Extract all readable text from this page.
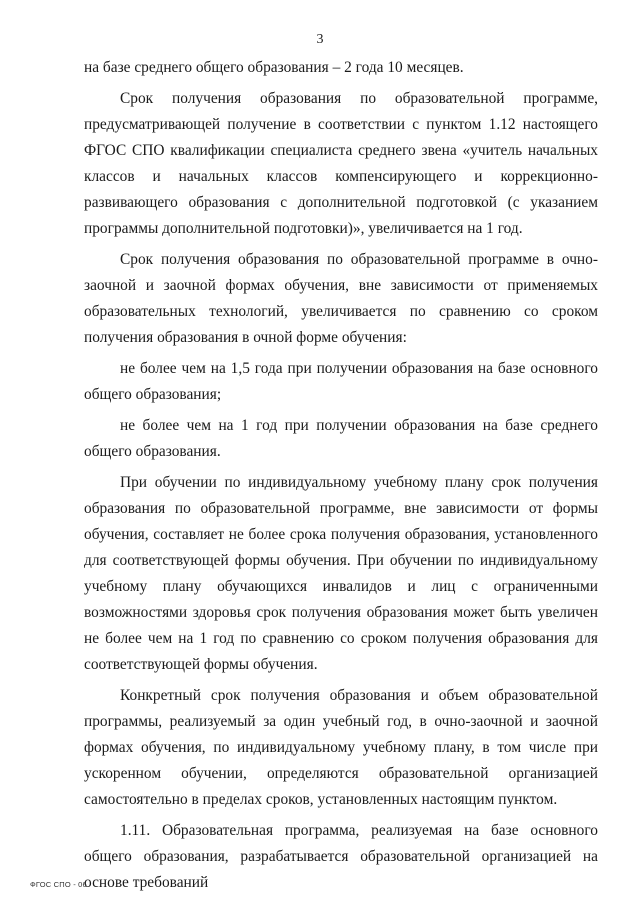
3

на базе среднего общего образования – 2 года 10 месяцев.

Срок получения образования по образовательной программе, предусматривающей получение в соответствии с пунктом 1.12 настоящего ФГОС СПО квалификации специалиста среднего звена «учитель начальных классов и начальных классов компенсирующего и коррекционно-развивающего образования с дополнительной подготовкой (с указанием программы дополнительной подготовки)», увеличивается на 1 год.

Срок получения образования по образовательной программе в очно-заочной и заочной формах обучения, вне зависимости от применяемых образовательных технологий, увеличивается по сравнению со сроком получения образования в очной форме обучения:

не более чем на 1,5 года при получении образования на базе основного общего образования;

не более чем на 1 год при получении образования на базе среднего общего образования.

При обучении по индивидуальному учебному плану срок получения образования по образовательной программе, вне зависимости от формы обучения, составляет не более срока получения образования, установленного для соответствующей формы обучения. При обучении по индивидуальному учебному плану обучающихся инвалидов и лиц с ограниченными возможностями здоровья срок получения образования может быть увеличен не более чем на 1 год по сравнению со сроком получения образования для соответствующей формы обучения.

Конкретный срок получения образования и объем образовательной программы, реализуемый за один учебный год, в очно-заочной и заочной формах обучения, по индивидуальному учебному плану, в том числе при ускоренном обучении, определяются образовательной организацией самостоятельно в пределах сроков, установленных настоящим пунктом.

1.11. Образовательная программа, реализуемая на базе основного общего образования, разрабатывается образовательной организацией на основе требований

ФГОС СПО - 06
